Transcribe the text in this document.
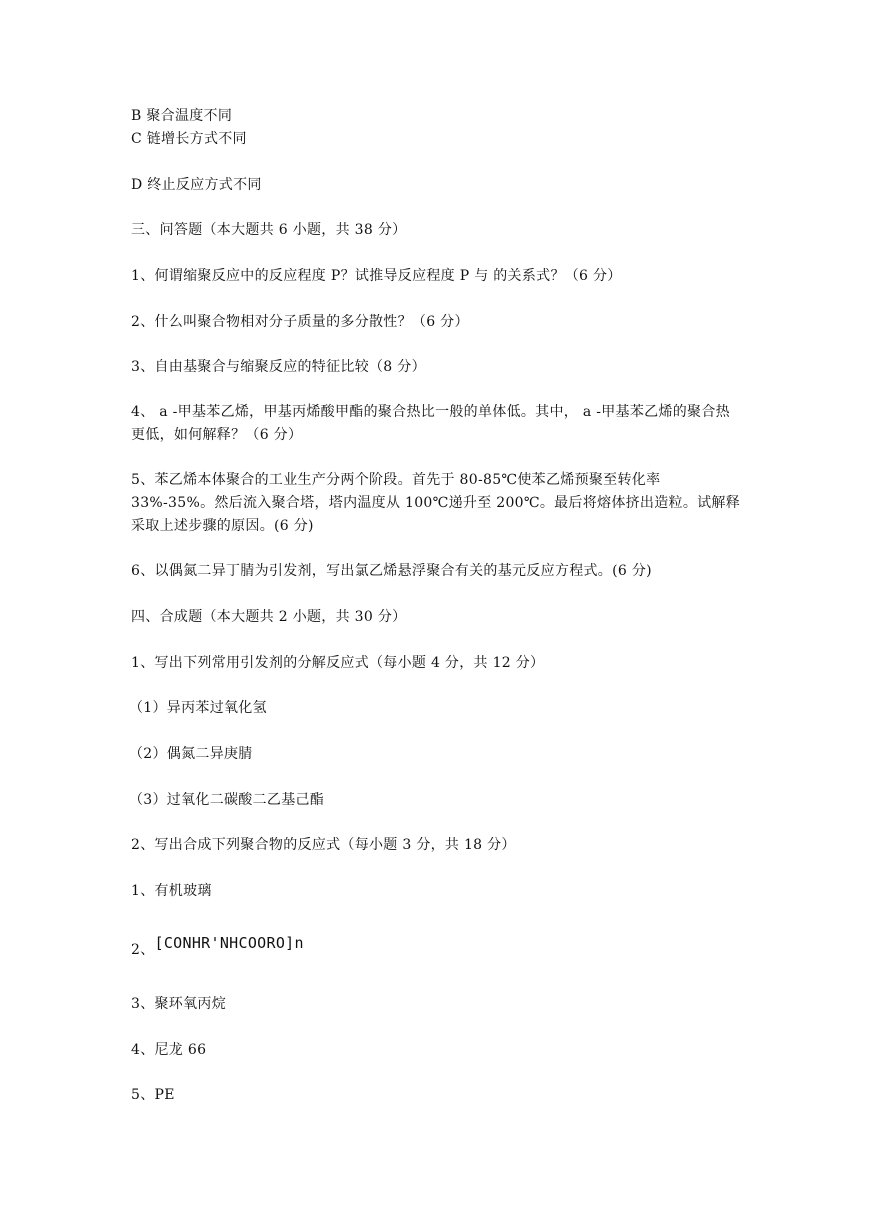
B 聚合温度不同
C 链增长方式不同
D 终止反应方式不同
三、问答题（本大题共 6 小题，共 38 分）
1、何谓缩聚反应中的反应程度 P？试推导反应程度 P 与 的关系式？（6 分）
2、什么叫聚合物相对分子质量的多分散性？（6 分）
3、自由基聚合与缩聚反应的特征比较（8 分）
4、 a -甲基苯乙烯，甲基丙烯酸甲酯的聚合热比一般的单体低。其中， a -甲基苯乙烯的聚合热更低，如何解释？（6 分）
5、苯乙烯本体聚合的工业生产分两个阶段。首先于 80-85℃使苯乙烯预聚至转化率 33%-35%。然后流入聚合塔，塔内温度从 100℃递升至 200℃。最后将熔体挤出造粒。试解释采取上述步骤的原因。(6 分)
6、以偶氮二异丁腈为引发剂，写出氯乙烯悬浮聚合有关的基元反应方程式。(6 分)
四、合成题（本大题共 2 小题，共 30 分）
1、写出下列常用引发剂的分解反应式（每小题 4 分，共 12 分）
（1）异丙苯过氧化氢
（2）偶氮二异庚腈
（3）过氧化二碳酸二乙基己酯
2、写出合成下列聚合物的反应式（每小题 3 分，共 18 分）
1、有机玻璃
2、[CONHR'NHCOORO]n
3、聚环氧丙烷
4、尼龙 66
5、PE
